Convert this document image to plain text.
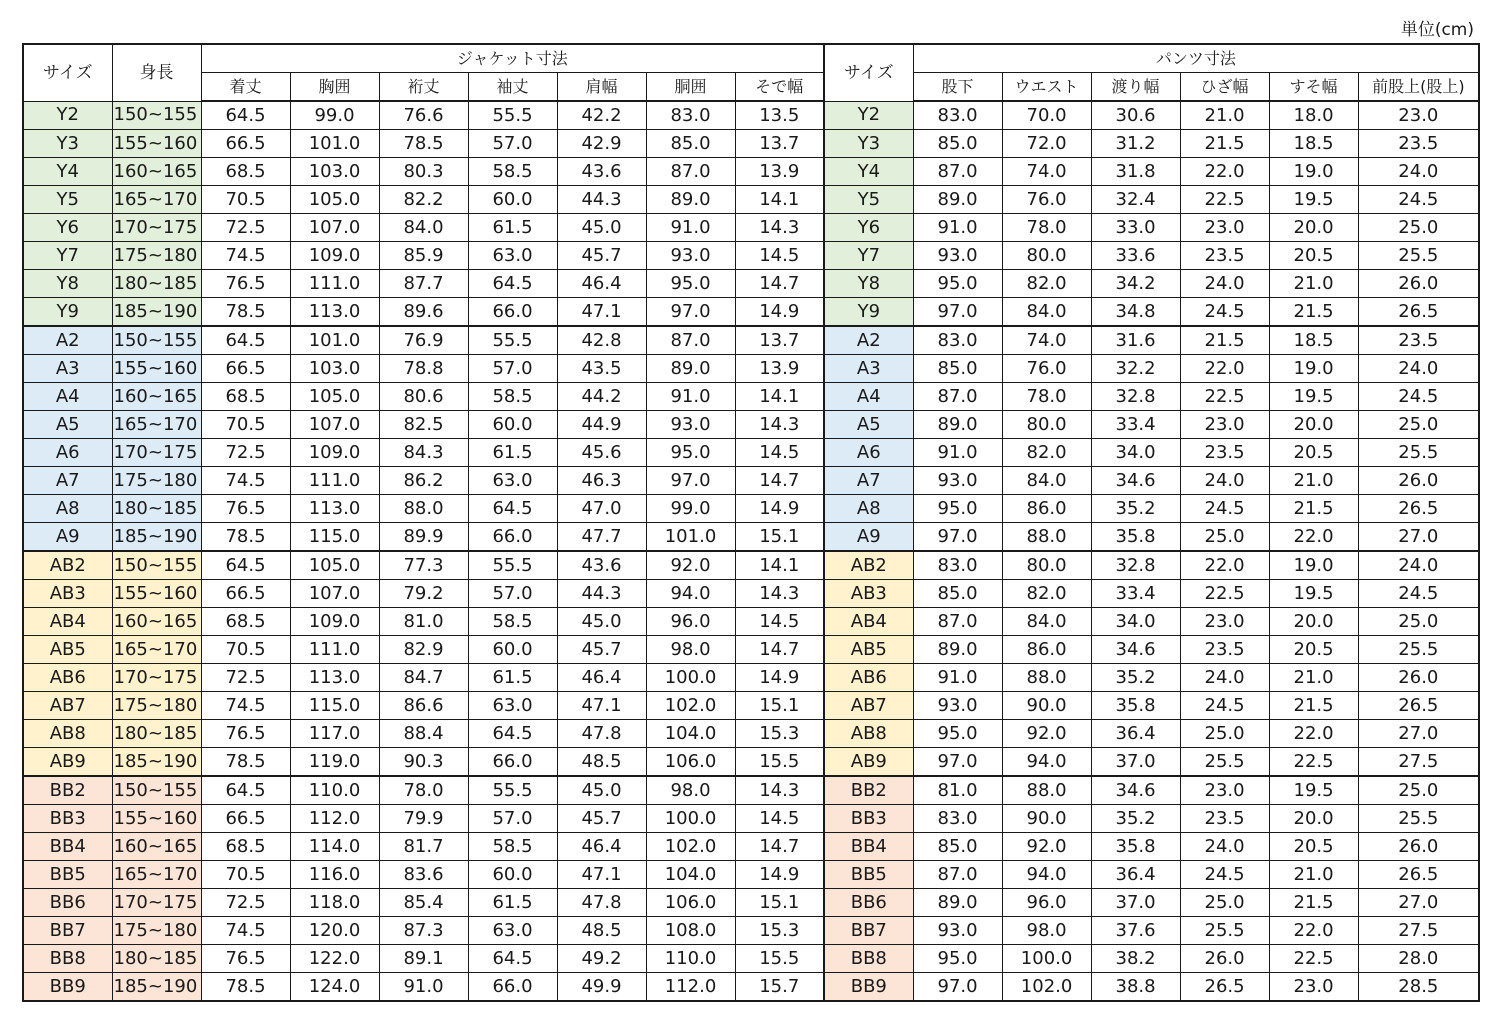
単位(cm)
サイズ	身長	ジャケット寸法							サイズ	パンツ寸法					
		着丈	胸囲	裄丈	袖丈	肩幅	胴囲	そで幅		股下	ウエスト	渡り幅	ひざ幅	すそ幅	前股上(股上)
Y2	150~155	64.5	99.0	76.6	55.5	42.2	83.0	13.5	Y2	83.0	70.0	30.6	21.0	18.0	23.0
Y3	155~160	66.5	101.0	78.5	57.0	42.9	85.0	13.7	Y3	85.0	72.0	31.2	21.5	18.5	23.5
Y4	160~165	68.5	103.0	80.3	58.5	43.6	87.0	13.9	Y4	87.0	74.0	31.8	22.0	19.0	24.0
Y5	165~170	70.5	105.0	82.2	60.0	44.3	89.0	14.1	Y5	89.0	76.0	32.4	22.5	19.5	24.5
Y6	170~175	72.5	107.0	84.0	61.5	45.0	91.0	14.3	Y6	91.0	78.0	33.0	23.0	20.0	25.0
Y7	175~180	74.5	109.0	85.9	63.0	45.7	93.0	14.5	Y7	93.0	80.0	33.6	23.5	20.5	25.5
Y8	180~185	76.5	111.0	87.7	64.5	46.4	95.0	14.7	Y8	95.0	82.0	34.2	24.0	21.0	26.0
Y9	185~190	78.5	113.0	89.6	66.0	47.1	97.0	14.9	Y9	97.0	84.0	34.8	24.5	21.5	26.5
A2	150~155	64.5	101.0	76.9	55.5	42.8	87.0	13.7	A2	83.0	74.0	31.6	21.5	18.5	23.5
A3	155~160	66.5	103.0	78.8	57.0	43.5	89.0	13.9	A3	85.0	76.0	32.2	22.0	19.0	24.0
A4	160~165	68.5	105.0	80.6	58.5	44.2	91.0	14.1	A4	87.0	78.0	32.8	22.5	19.5	24.5
A5	165~170	70.5	107.0	82.5	60.0	44.9	93.0	14.3	A5	89.0	80.0	33.4	23.0	20.0	25.0
A6	170~175	72.5	109.0	84.3	61.5	45.6	95.0	14.5	A6	91.0	82.0	34.0	23.5	20.5	25.5
A7	175~180	74.5	111.0	86.2	63.0	46.3	97.0	14.7	A7	93.0	84.0	34.6	24.0	21.0	26.0
A8	180~185	76.5	113.0	88.0	64.5	47.0	99.0	14.9	A8	95.0	86.0	35.2	24.5	21.5	26.5
A9	185~190	78.5	115.0	89.9	66.0	47.7	101.0	15.1	A9	97.0	88.0	35.8	25.0	22.0	27.0
AB2	150~155	64.5	105.0	77.3	55.5	43.6	92.0	14.1	AB2	83.0	80.0	32.8	22.0	19.0	24.0
AB3	155~160	66.5	107.0	79.2	57.0	44.3	94.0	14.3	AB3	85.0	82.0	33.4	22.5	19.5	24.5
AB4	160~165	68.5	109.0	81.0	58.5	45.0	96.0	14.5	AB4	87.0	84.0	34.0	23.0	20.0	25.0
AB5	165~170	70.5	111.0	82.9	60.0	45.7	98.0	14.7	AB5	89.0	86.0	34.6	23.5	20.5	25.5
AB6	170~175	72.5	113.0	84.7	61.5	46.4	100.0	14.9	AB6	91.0	88.0	35.2	24.0	21.0	26.0
AB7	175~180	74.5	115.0	86.6	63.0	47.1	102.0	15.1	AB7	93.0	90.0	35.8	24.5	21.5	26.5
AB8	180~185	76.5	117.0	88.4	64.5	47.8	104.0	15.3	AB8	95.0	92.0	36.4	25.0	22.0	27.0
AB9	185~190	78.5	119.0	90.3	66.0	48.5	106.0	15.5	AB9	97.0	94.0	37.0	25.5	22.5	27.5
BB2	150~155	64.5	110.0	78.0	55.5	45.0	98.0	14.3	BB2	81.0	88.0	34.6	23.0	19.5	25.0
BB3	155~160	66.5	112.0	79.9	57.0	45.7	100.0	14.5	BB3	83.0	90.0	35.2	23.5	20.0	25.5
BB4	160~165	68.5	114.0	81.7	58.5	46.4	102.0	14.7	BB4	85.0	92.0	35.8	24.0	20.5	26.0
BB5	165~170	70.5	116.0	83.6	60.0	47.1	104.0	14.9	BB5	87.0	94.0	36.4	24.5	21.0	26.5
BB6	170~175	72.5	118.0	85.4	61.5	47.8	106.0	15.1	BB6	89.0	96.0	37.0	25.0	21.5	27.0
BB7	175~180	74.5	120.0	87.3	63.0	48.5	108.0	15.3	BB7	93.0	98.0	37.6	25.5	22.0	27.5
BB8	180~185	76.5	122.0	89.1	64.5	49.2	110.0	15.5	BB8	95.0	100.0	38.2	26.0	22.5	28.0
BB9	185~190	78.5	124.0	91.0	66.0	49.9	112.0	15.7	BB9	97.0	102.0	38.8	26.5	23.0	28.5
